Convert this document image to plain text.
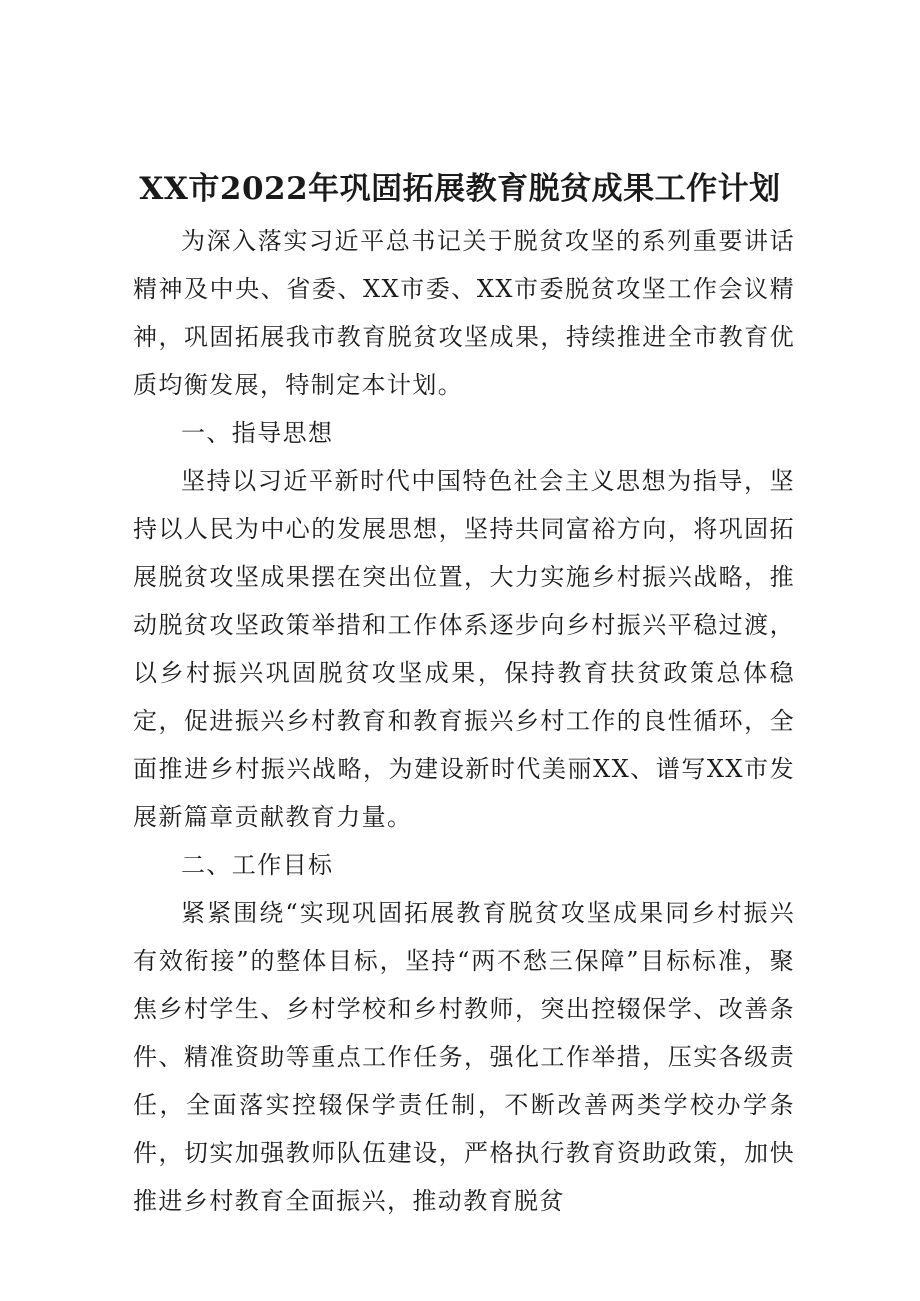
XX市2022年巩固拓展教育脱贫成果工作计划

为深入落实习近平总书记关于脱贫攻坚的系列重要讲话精神及中央、省委、XX市委、XX市委脱贫攻坚工作会议精神，巩固拓展我市教育脱贫攻坚成果，持续推进全市教育优质均衡发展，特制定本计划。

一、指导思想

坚持以习近平新时代中国特色社会主义思想为指导，坚持以人民为中心的发展思想，坚持共同富裕方向，将巩固拓展脱贫攻坚成果摆在突出位置，大力实施乡村振兴战略，推动脱贫攻坚政策举措和工作体系逐步向乡村振兴平稳过渡，以乡村振兴巩固脱贫攻坚成果，保持教育扶贫政策总体稳定，促进振兴乡村教育和教育振兴乡村工作的良性循环，全面推进乡村振兴战略，为建设新时代美丽XX、谱写XX市发展新篇章贡献教育力量。

二、工作目标

紧紧围绕“实现巩固拓展教育脱贫攻坚成果同乡村振兴有效衔接”的整体目标，坚持“两不愁三保障”目标标准，聚焦乡村学生、乡村学校和乡村教师，突出控辍保学、改善条件、精准资助等重点工作任务，强化工作举措，压实各级责任，全面落实控辍保学责任制，不断改善两类学校办学条件，切实加强教师队伍建设，严格执行教育资助政策，加快推进乡村教育全面振兴，推动教育脱贫
